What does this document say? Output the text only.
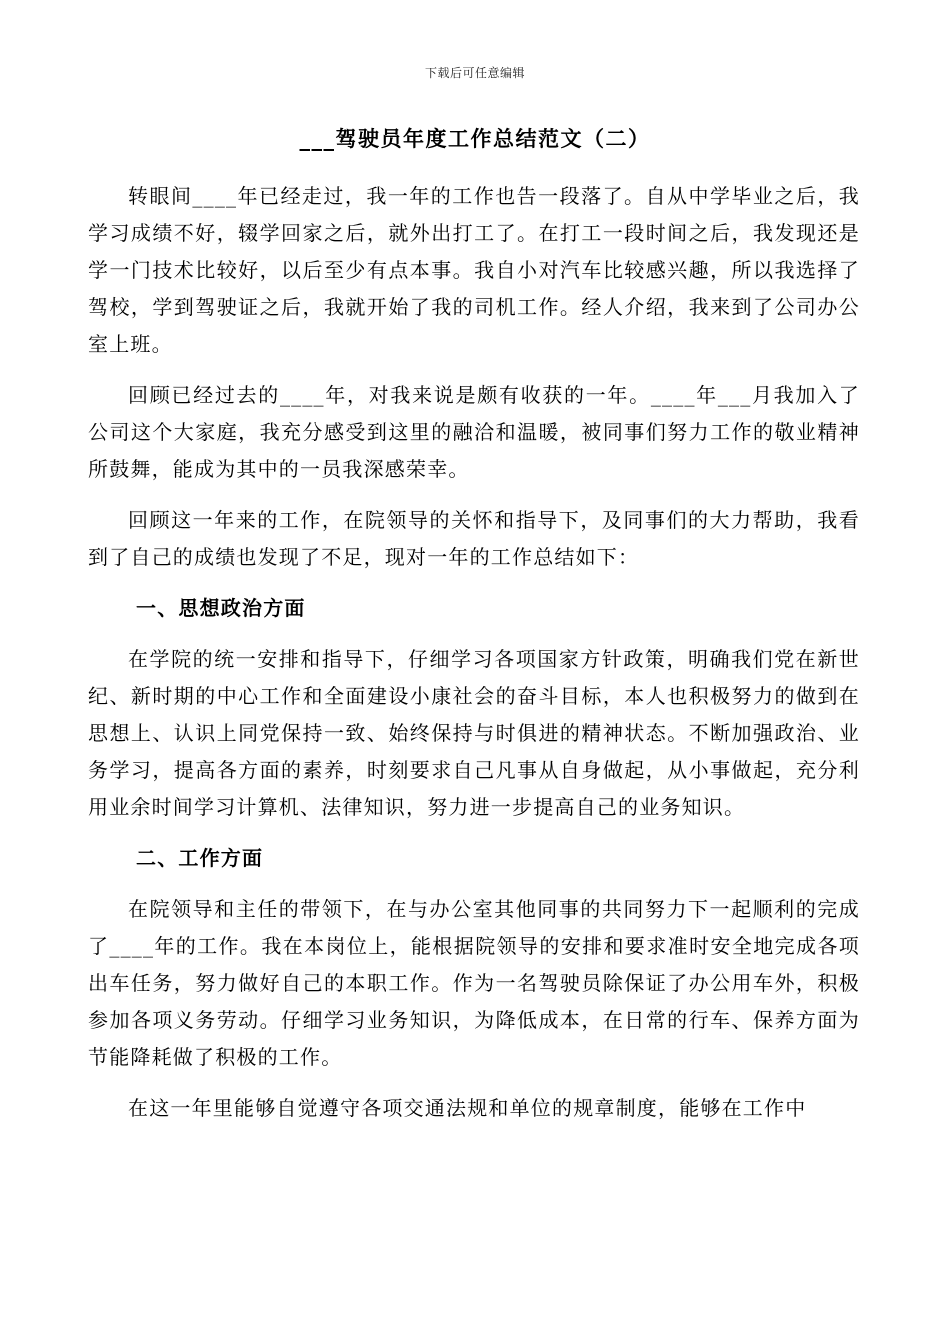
下载后可任意编辑
___驾驶员年度工作总结范文（二）

转眼间____年已经走过，我一年的工作也告一段落了。自从中学毕业之后，我学习成绩不好，辍学回家之后，就外出打工了。在打工一段时间之后，我发现还是学一门技术比较好，以后至少有点本事。我自小对汽车比较感兴趣，所以我选择了驾校，学到驾驶证之后，我就开始了我的司机工作。经人介绍，我来到了公司办公室上班。

回顾已经过去的____年，对我来说是颇有收获的一年。____年___月我加入了公司这个大家庭，我充分感受到这里的融洽和温暖，被同事们努力工作的敬业精神所鼓舞，能成为其中的一员我深感荣幸。

回顾这一年来的工作，在院领导的关怀和指导下，及同事们的大力帮助，我看到了自己的成绩也发现了不足，现对一年的工作总结如下：

一、思想政治方面

在学院的统一安排和指导下，仔细学习各项国家方针政策，明确我们党在新世纪、新时期的中心工作和全面建设小康社会的奋斗目标，本人也积极努力的做到在思想上、认识上同党保持一致、始终保持与时俱进的精神状态。不断加强政治、业务学习，提高各方面的素养，时刻要求自己凡事从自身做起，从小事做起，充分利用业余时间学习计算机、法律知识，努力进一步提高自己的业务知识。

二、工作方面

在院领导和主任的带领下，在与办公室其他同事的共同努力下一起顺利的完成了____年的工作。我在本岗位上，能根据院领导的安排和要求准时安全地完成各项出车任务，努力做好自己的本职工作。作为一名驾驶员除保证了办公用车外，积极参加各项义务劳动。仔细学习业务知识，为降低成本，在日常的行车、保养方面为节能降耗做了积极的工作。

在这一年里能够自觉遵守各项交通法规和单位的规章制度，能够在工作中
